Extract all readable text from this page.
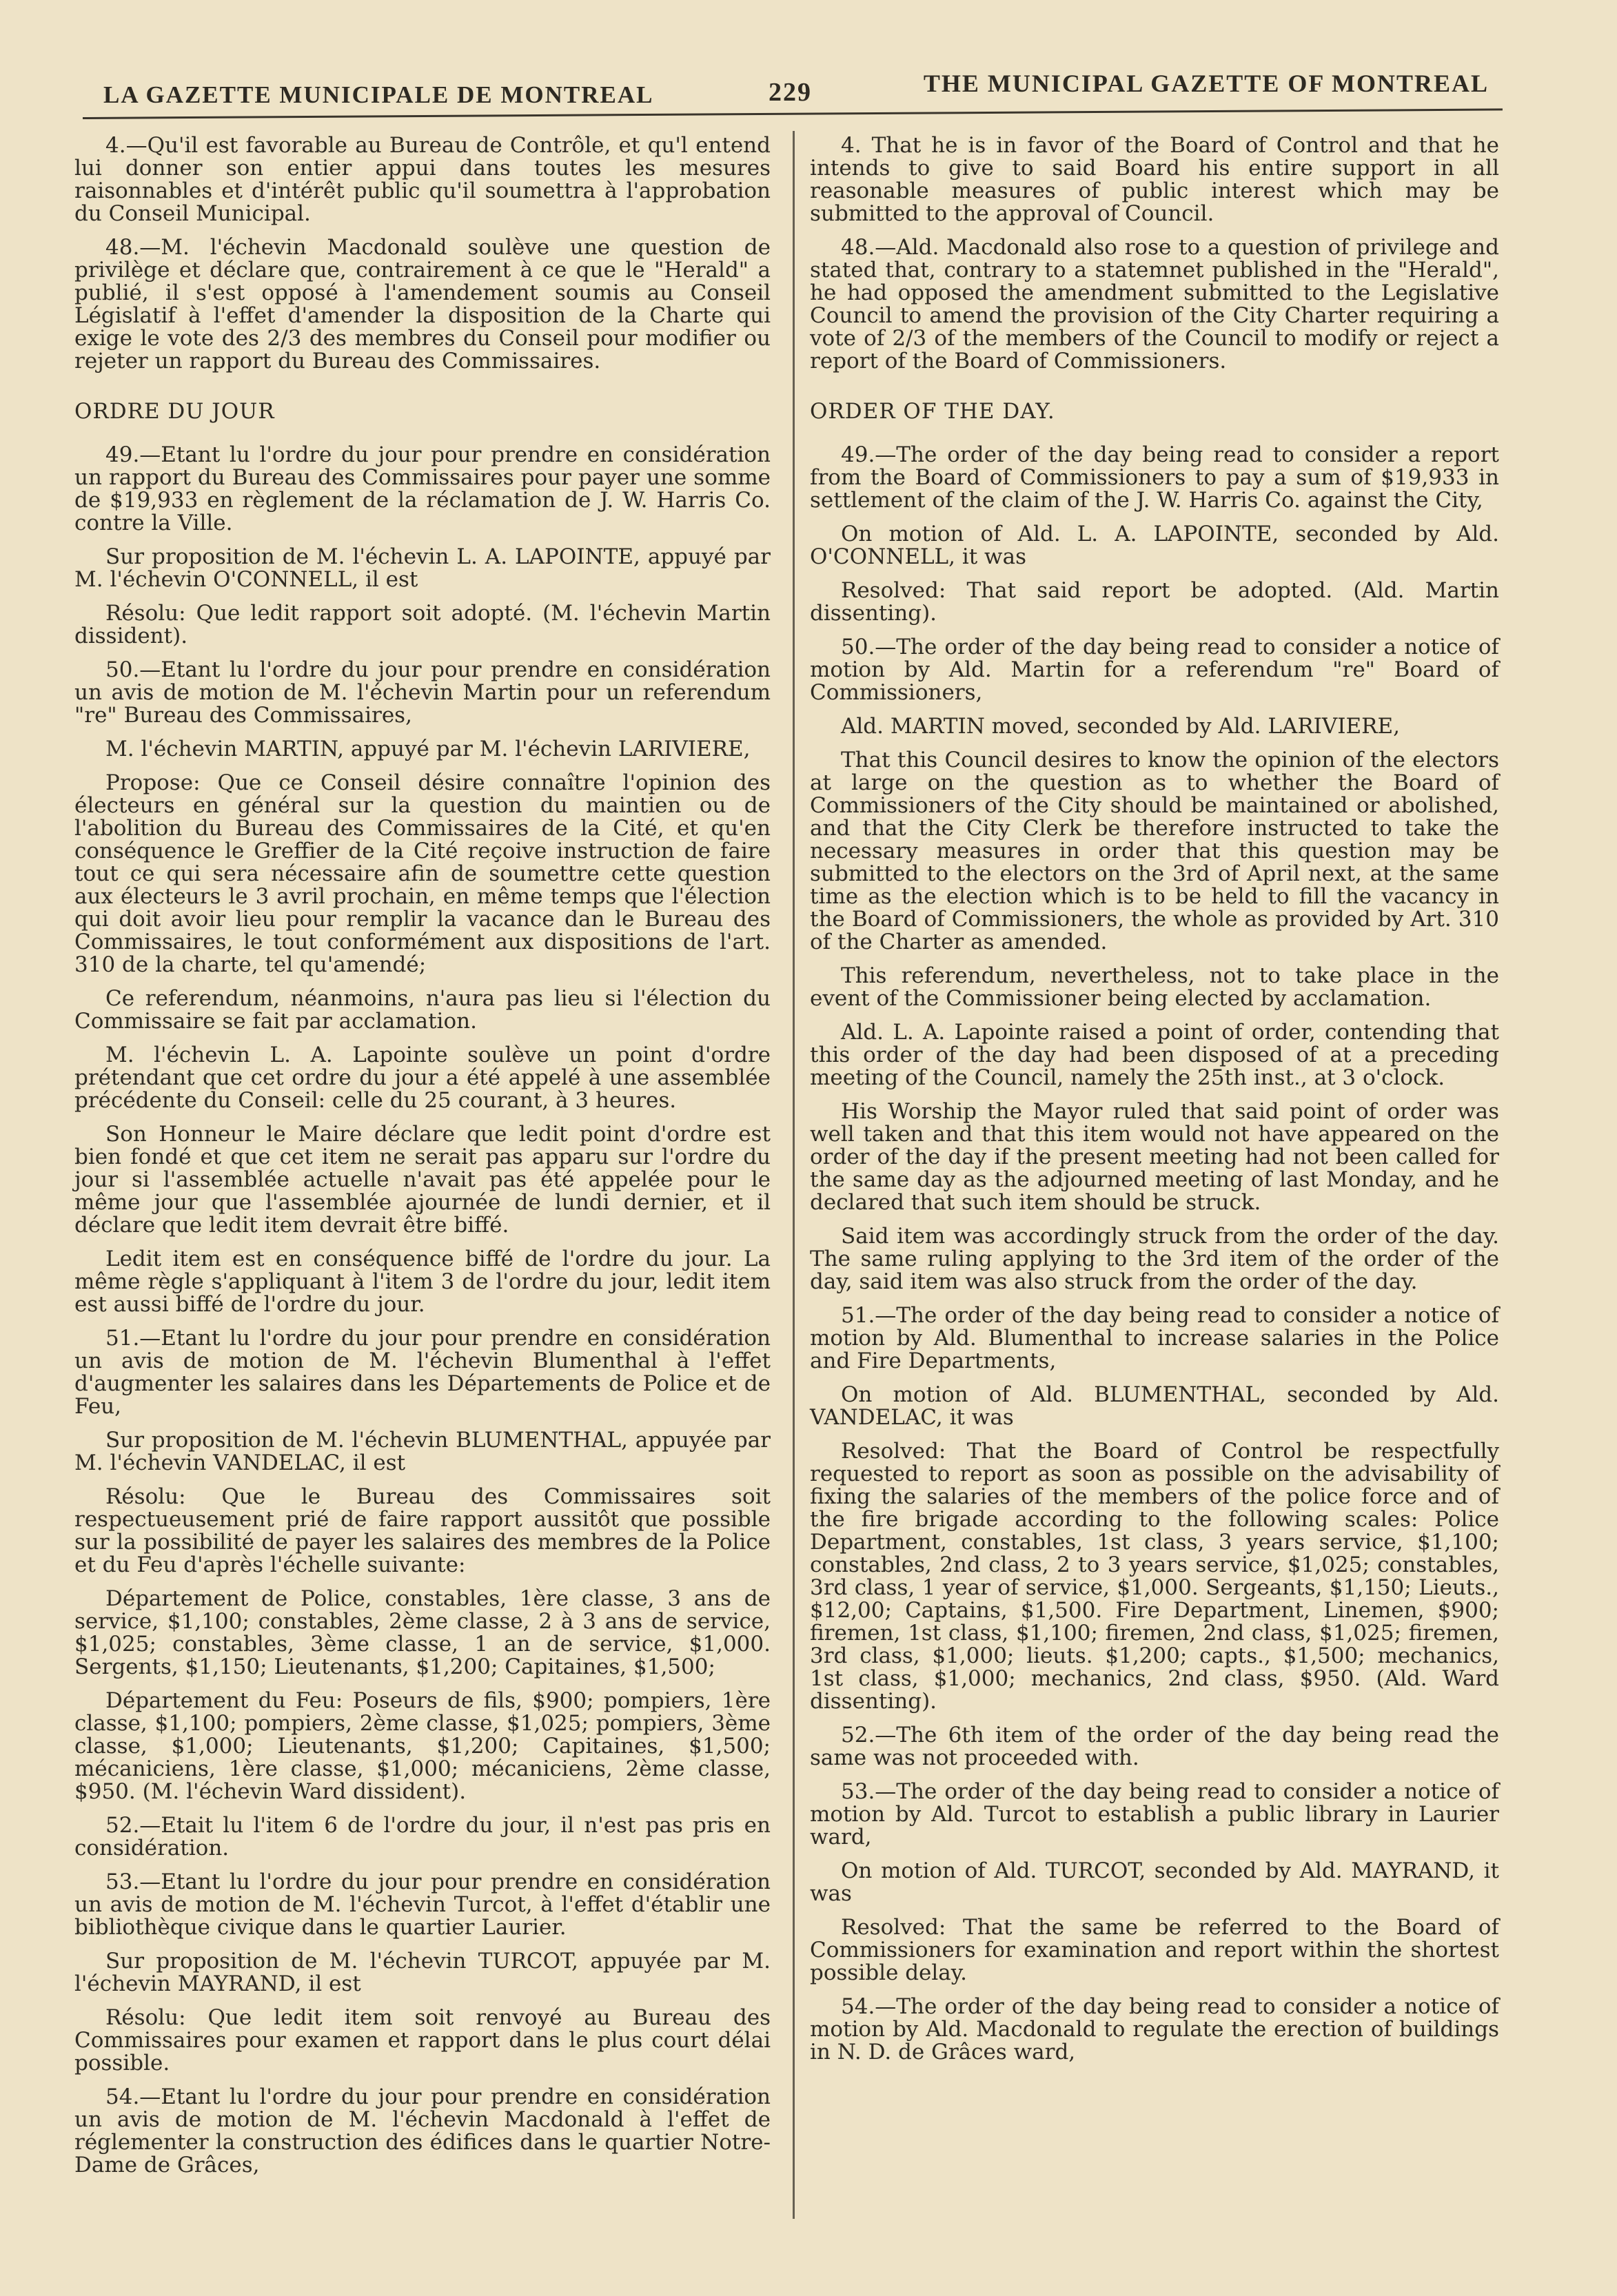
LA GAZETTE MUNICIPALE DE MONTREAL	229	THE MUNICIPAL GAZETTE OF MONTREAL

4.—Qu'il est favorable au Bureau de Contrôle, et qu'l entend lui donner son entier appui dans toutes les mesures raisonnables et d'intérêt public qu'il soumettra à l'approbation du Conseil Municipal.

48.—M. l'échevin Macdonald soulève une question de privilège et déclare que, contrairement à ce que le "Herald" a publié, il s'est opposé à l'amendement soumis au Conseil Législatif à l'effet d'amender la disposition de la Charte qui exige le vote des 2/3 des membres du Conseil pour modifier ou rejeter un rapport du Bureau des Commissaires.

ORDRE DU JOUR

49.—Etant lu l'ordre du jour pour prendre en considération un rapport du Bureau des Commissaires pour payer une somme de $19,933 en règlement de la réclamation de J. W. Harris Co. contre la Ville.

Sur proposition de M. l'échevin L. A. LAPOINTE, appuyé par M. l'échevin O'CONNELL, il est

Résolu: Que ledit rapport soit adopté. (M. l'échevin Martin dissident).

50.—Etant lu l'ordre du jour pour prendre en considération un avis de motion de M. l'échevin Martin pour un referendum "re" Bureau des Commissaires,

M. l'échevin MARTIN, appuyé par M. l'échevin LARIVIERE,

Propose: Que ce Conseil désire connaître l'opinion des électeurs en général sur la question du maintien ou de l'abolition du Bureau des Commissaires de la Cité, et qu'en conséquence le Greffier de la Cité reçoive instruction de faire tout ce qui sera nécessaire afin de soumettre cette question aux électeurs le 3 avril prochain, en même temps que l'élection qui doit avoir lieu pour remplir la vacance dan le Bureau des Commissaires, le tout conformément aux dispositions de l'art. 310 de la charte, tel qu'amendé;

Ce referendum, néanmoins, n'aura pas lieu si l'élection du Commissaire se fait par acclamation.

M. l'échevin L. A. Lapointe soulève un point d'ordre prétendant que cet ordre du jour a été appelé à une assemblée précédente du Conseil: celle du 25 courant, à 3 heures.

Son Honneur le Maire déclare que ledit point d'ordre est bien fondé et que cet item ne serait pas apparu sur l'ordre du jour si l'assemblée actuelle n'avait pas été appelée pour le même jour que l'assemblée ajournée de lundi dernier, et il déclare que ledit item devrait être biffé.

Ledit item est en conséquence biffé de l'ordre du jour. La même règle s'appliquant à l'item 3 de l'ordre du jour, ledit item est aussi biffé de l'ordre du jour.

51.—Etant lu l'ordre du jour pour prendre en considération un avis de motion de M. l'échevin Blumenthal à l'effet d'augmenter les salaires dans les Départements de Police et de Feu,

Sur proposition de M. l'échevin BLUMENTHAL, appuyée par M. l'échevin VANDELAC, il est

Résolu: Que le Bureau des Commissaires soit respectueusement prié de faire rapport aussitôt que possible sur la possibilité de payer les salaires des membres de la Police et du Feu d'après l'échelle suivante:

Département de Police, constables, 1ère classe, 3 ans de service, $1,100; constables, 2ème classe, 2 à 3 ans de service, $1,025; constables, 3ème classe, 1 an de service, $1,000. Sergents, $1,150; Lieutenants, $1,200; Capitaines, $1,500;

Département du Feu: Poseurs de fils, $900; pompiers, 1ère classe, $1,100; pompiers, 2ème classe, $1,025; pompiers, 3ème classe, $1,000; Lieutenants, $1,200; Capitaines, $1,500; mécaniciens, 1ère classe, $1,000; mécaniciens, 2ème classe, $950. (M. l'échevin Ward dissident).

52.—Etait lu l'item 6 de l'ordre du jour, il n'est pas pris en considération.

53.—Etant lu l'ordre du jour pour prendre en considération un avis de motion de M. l'échevin Turcot, à l'effet d'établir une bibliothèque civique dans le quartier Laurier.

Sur proposition de M. l'échevin TURCOT, appuyée par M. l'échevin MAYRAND, il est

Résolu: Que ledit item soit renvoyé au Bureau des Commissaires pour examen et rapport dans le plus court délai possible.

54.—Etant lu l'ordre du jour pour prendre en considération un avis de motion de M. l'échevin Macdonald à l'effet de réglementer la construction des édifices dans le quartier Notre-Dame de Grâces,

4. That he is in favor of the Board of Control and that he intends to give to said Board his entire support in all reasonable measures of public interest which may be submitted to the approval of Council.

48.—Ald. Macdonald also rose to a question of privilege and stated that, contrary to a statemnet published in the "Herald", he had opposed the amendment submitted to the Legislative Council to amend the provision of the City Charter requiring a vote of 2/3 of the members of the Council to modify or reject a report of the Board of Commissioners.

ORDER OF THE DAY.

49.—The order of the day being read to consider a report from the Board of Commissioners to pay a sum of $19,933 in settlement of the claim of the J. W. Harris Co. against the City,

On motion of Ald. L. A. LAPOINTE, seconded by Ald. O'CONNELL, it was

Resolved: That said report be adopted. (Ald. Martin dissenting).

50.—The order of the day being read to consider a notice of motion by Ald. Martin for a referendum "re" Board of Commissioners,

Ald. MARTIN moved, seconded by Ald. LARIVIERE,

That this Council desires to know the opinion of the electors at large on the question as to whether the Board of Commissioners of the City should be maintained or abolished, and that the City Clerk be therefore instructed to take the necessary measures in order that this question may be submitted to the electors on the 3rd of April next, at the same time as the election which is to be held to fill the vacancy in the Board of Commissioners, the whole as provided by Art. 310 of the Charter as amended.

This referendum, nevertheless, not to take place in the event of the Commissioner being elected by acclamation.

Ald. L. A. Lapointe raised a point of order, contending that this order of the day had been disposed of at a preceding meeting of the Council, namely the 25th inst., at 3 o'clock.

His Worship the Mayor ruled that said point of order was well taken and that this item would not have appeared on the order of the day if the present meeting had not been called for the same day as the adjourned meeting of last Monday, and he declared that such item should be struck.

Said item was accordingly struck from the order of the day. The same ruling applying to the 3rd item of the order of the day, said item was also struck from the order of the day.

51.—The order of the day being read to consider a notice of motion by Ald. Blumenthal to increase salaries in the Police and Fire Departments,

On motion of Ald. BLUMENTHAL, seconded by Ald. VANDELAC, it was

Resolved: That the Board of Control be respectfully requested to report as soon as possible on the advisability of fixing the salaries of the members of the police force and of the fire brigade according to the following scales: Police Department, constables, 1st class, 3 years service, $1,100; constables, 2nd class, 2 to 3 years service, $1,025; constables, 3rd class, 1 year of service, $1,000. Sergeants, $1,150; Lieuts., $12,00; Captains, $1,500. Fire Department, Linemen, $900; firemen, 1st class, $1,100; firemen, 2nd class, $1,025; firemen, 3rd class, $1,000; lieuts. $1,200; capts., $1,500; mechanics, 1st class, $1,000; mechanics, 2nd class, $950. (Ald. Ward dissenting).

52.—The 6th item of the order of the day being read the same was not proceeded with.

53.—The order of the day being read to consider a notice of motion by Ald. Turcot to establish a public library in Laurier ward,

On motion of Ald. TURCOT, seconded by Ald. MAYRAND, it was

Resolved: That the same be referred to the Board of Commissioners for examination and report within the shortest possible delay.

54.—The order of the day being read to consider a notice of motion by Ald. Macdonald to regulate the erection of buildings in N. D. de Grâces ward,
